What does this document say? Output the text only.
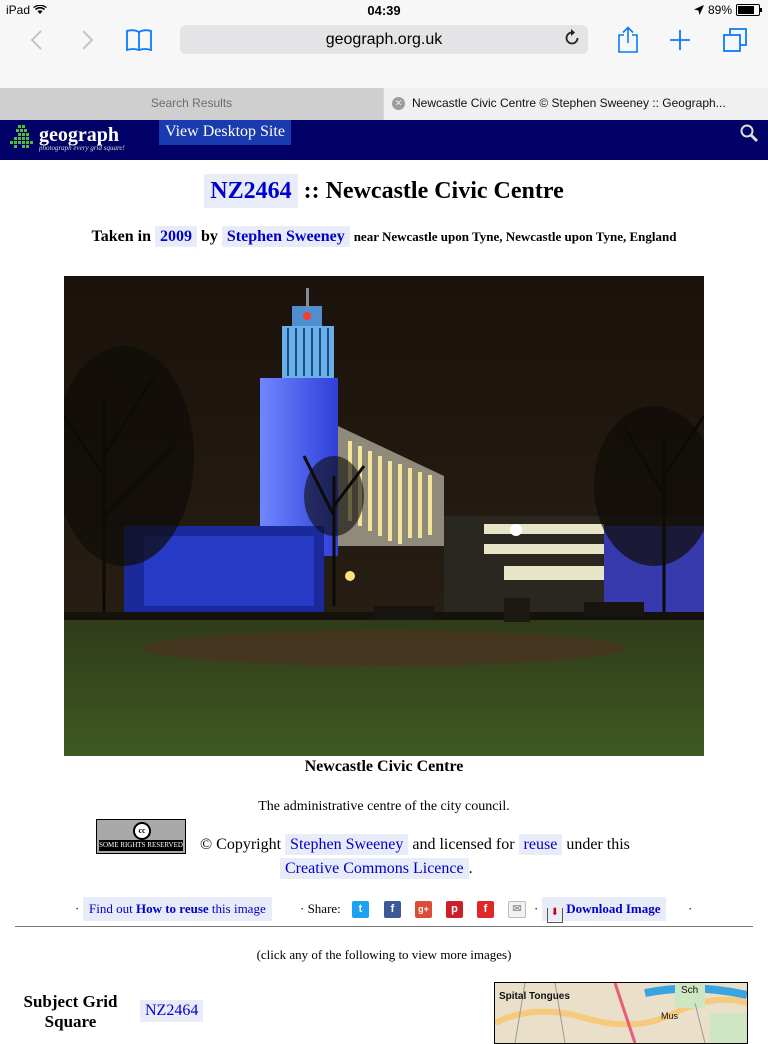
iPad	04:39	89%
geograph.org.uk
Search Results	✕ Newcastle Civic Centre © Stephen Sweeney :: Geograph...
geograph
photograph every grid square!
View Desktop Site
NZ2464 :: Newcastle Civic Centre
Taken in 2009 by Stephen Sweeney near Newcastle upon Tyne, Newcastle upon Tyne, England
Newcastle Civic Centre
The administrative centre of the city council.
cc
SOME RIGHTS RESERVED © Copyright Stephen Sweeney and licensed for reuse under this
Creative Commons Licence .
· Find out How to reuse this image	· Share:	t	f	g+	p	f	✉ ·	⬇ Download Image	·
(click any of the following to view more images)
Subject Grid Square
NZ2464
Spital Tongues
Sch
Mus
